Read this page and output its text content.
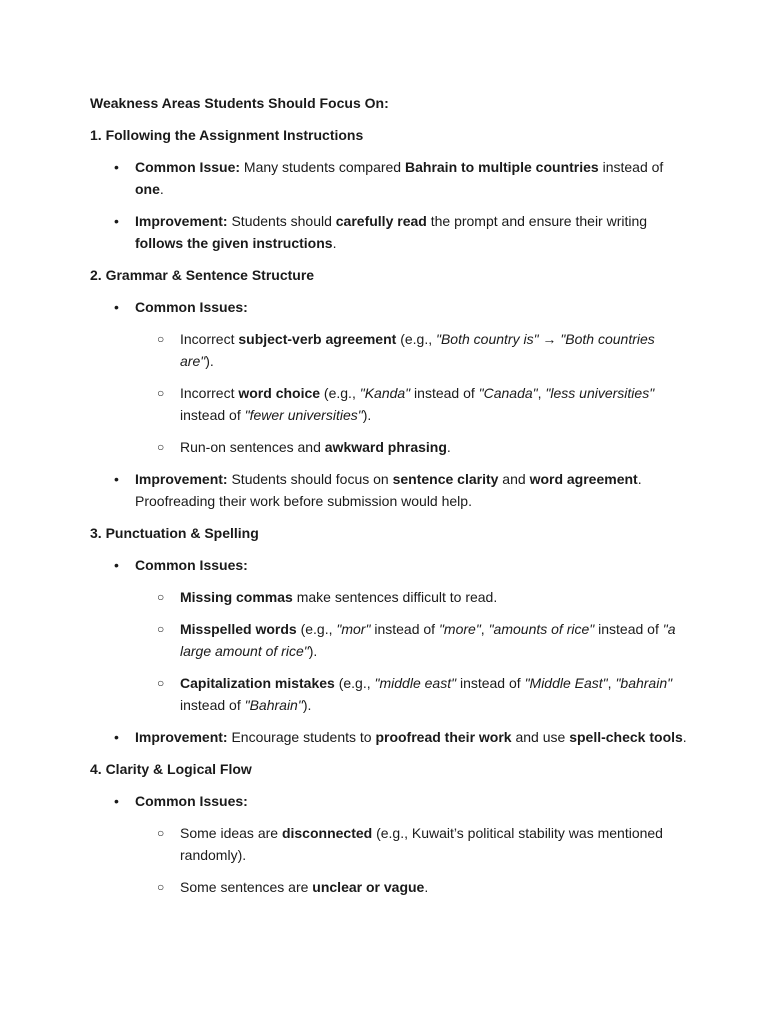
Weakness Areas Students Should Focus On:

1. Following the Assignment Instructions

• Common Issue: Many students compared Bahrain to multiple countries instead of one.
• Improvement: Students should carefully read the prompt and ensure their writing follows the given instructions.

2. Grammar & Sentence Structure

• Common Issues:
○ Incorrect subject-verb agreement (e.g., "Both country is" → "Both countries are").
○ Incorrect word choice (e.g., "Kanda" instead of "Canada", "less universities" instead of "fewer universities").
○ Run-on sentences and awkward phrasing.
• Improvement: Students should focus on sentence clarity and word agreement. Proofreading their work before submission would help.

3. Punctuation & Spelling

• Common Issues:
○ Missing commas make sentences difficult to read.
○ Misspelled words (e.g., "mor" instead of "more", "amounts of rice" instead of "a large amount of rice").
○ Capitalization mistakes (e.g., "middle east" instead of "Middle East", "bahrain" instead of "Bahrain").
• Improvement: Encourage students to proofread their work and use spell-check tools.

4. Clarity & Logical Flow

• Common Issues:
○ Some ideas are disconnected (e.g., Kuwait’s political stability was mentioned randomly).
○ Some sentences are unclear or vague.
